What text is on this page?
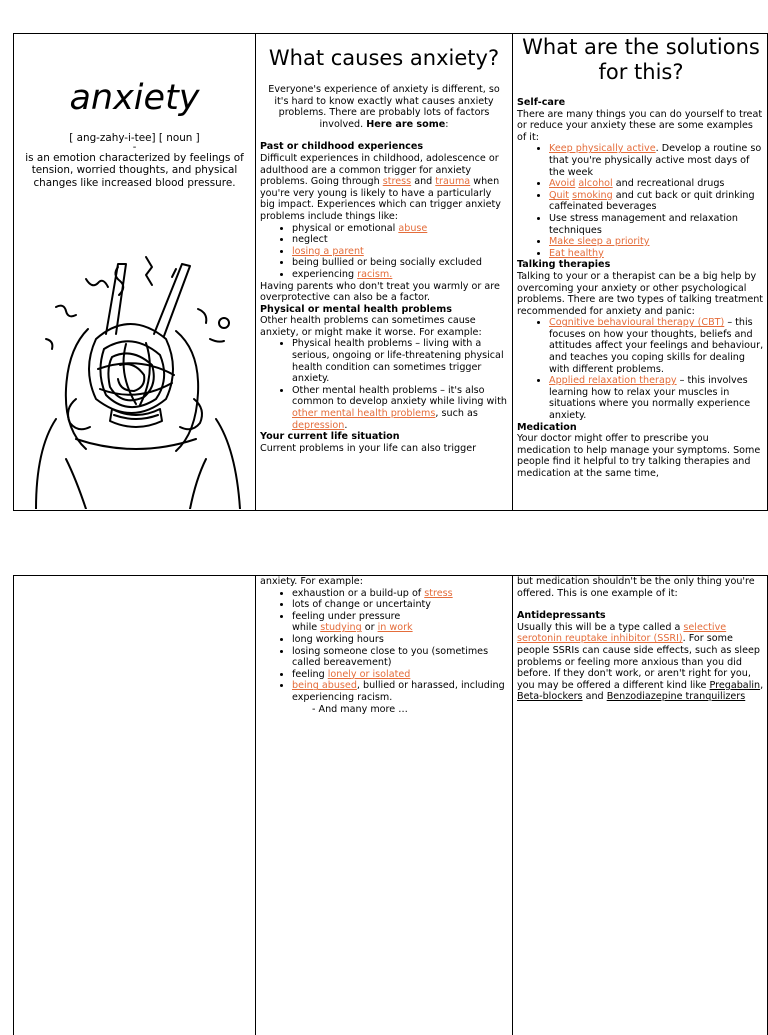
anxiety
[ ang-zahy-i-tee] [ noun ]
-
is an emotion characterized by feelings of tension, worried thoughts, and physical changes like increased blood pressure.
What causes anxiety?
Everyone's experience of anxiety is different, so it's hard to know exactly what causes anxiety problems. There are probably lots of factors involved. Here are some:
Past or childhood experiences
Difficult experiences in childhood, adolescence or adulthood are a common trigger for anxiety problems. Going through stress and trauma when you're very young is likely to have a particularly big impact. Experiences which can trigger anxiety problems include things like:
• physical or emotional abuse
• neglect
• losing a parent
• being bullied or being socially excluded
• experiencing racism.
Having parents who don't treat you warmly or are overprotective can also be a factor.
Physical or mental health problems
Other health problems can sometimes cause anxiety, or might make it worse. For example:
• Physical health problems – living with a serious, ongoing or life-threatening physical health condition can sometimes trigger anxiety.
• Other mental health problems – it's also common to develop anxiety while living with other mental health problems, such as depression.
Your current life situation
Current problems in your life can also trigger
What are the solutions for this?
Self-care
There are many things you can do yourself to treat or reduce your anxiety these are some examples of it:
• Keep physically active. Develop a routine so that you're physically active most days of the week
• Avoid alcohol and recreational drugs
• Quit smoking and cut back or quit drinking caffeinated beverages
• Use stress management and relaxation techniques
• Make sleep a priority
• Eat healthy
Talking therapies
Talking to your or a therapist can be a big help by overcoming your anxiety or other psychological problems. There are two types of talking treatment recommended for anxiety and panic:
• Cognitive behavioural therapy (CBT) – this focuses on how your thoughts, beliefs and attitudes affect your feelings and behaviour, and teaches you coping skills for dealing with different problems.
• Applied relaxation therapy – this involves learning how to relax your muscles in situations where you normally experience anxiety.
Medication
Your doctor might offer to prescribe you medication to help manage your symptoms. Some people find it helpful to try talking therapies and medication at the same time,
anxiety. For example:
• exhaustion or a build-up of stress
• lots of change or uncertainty
• feeling under pressure
while studying or in work
• long working hours
• losing someone close to you (sometimes called bereavement)
• feeling lonely or isolated
• being abused, bullied or harassed, including experiencing racism.
- And many more …
but medication shouldn't be the only thing you're offered. This is one example of it:
Antidepressants
Usually this will be a type called a selective serotonin reuptake inhibitor (SSRI). For some people SSRIs can cause side effects, such as sleep problems or feeling more anxious than you did before. If they don't work, or aren't right for you, you may be offered a different kind like Pregabalin, Beta-blockers and Benzodiazepine tranquilizers
